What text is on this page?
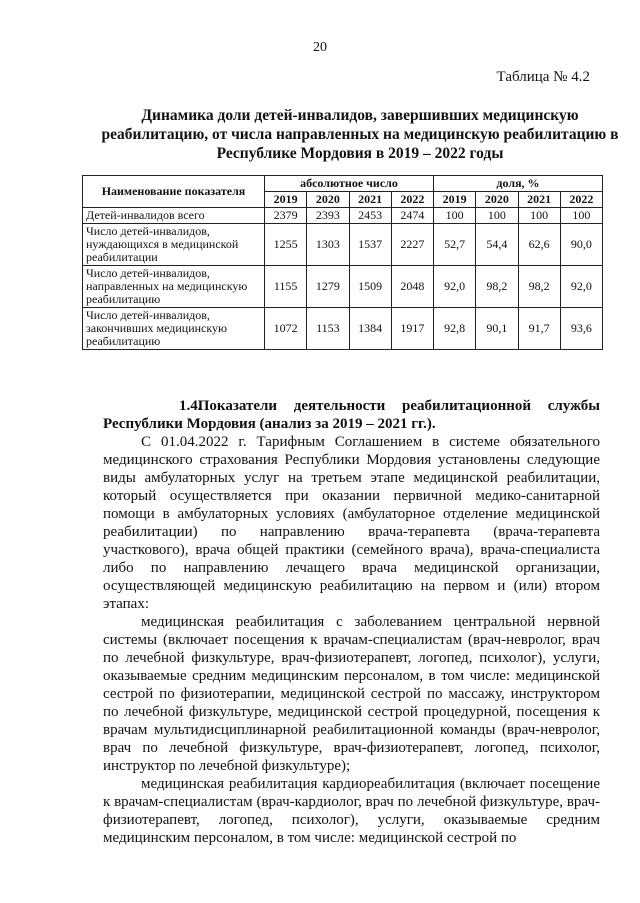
20
Таблица № 4.2
Динамика доли детей-инвалидов, завершивших медицинскую реабилитацию, от числа направленных на медицинскую реабилитацию в Республике Мордовия в 2019 – 2022 годы
Наименование показателя	абсолютное число				доля, %			
	2019	2020	2021	2022	2019	2020	2021	2022
Детей-инвалидов всего	2379	2393	2453	2474	100	100	100	100
Число детей-инвалидов, нуждающихся в медицинской реабилитации	1255	1303	1537	2227	52,7	54,4	62,6	90,0
Число детей-инвалидов, направленных на медицинскую реабилитацию	1155	1279	1509	2048	92,0	98,2	98,2	92,0
Число детей-инвалидов, закончивших медицинскую реабилитацию	1072	1153	1384	1917	92,8	90,1	91,7	93,6

1.4. Показатели деятельности реабилитационной службы Республики Мордовия (анализ за 2019 – 2021 гг.).

С 01.04.2022 г. Тарифным Соглашением в системе обязательного медицинского страхования Республики Мордовия установлены следующие виды амбулаторных услуг на третьем этапе медицинской реабилитации, который осуществляется при оказании первичной медико-санитарной помощи в амбулаторных условиях (амбулаторное отделение медицинской реабилитации) по направлению врача-терапевта (врача-терапевта участкового), врача общей практики (семейного врача), врача-специалиста либо по направлению лечащего врача медицинской организации, осуществляющей медицинскую реабилитацию на первом и (или) втором этапах:

медицинская реабилитация с заболеванием центральной нервной системы (включает посещения к врачам-специалистам (врач-невролог, врач по лечебной физкультуре, врач-физиотерапевт, логопед, психолог), услуги, оказываемые средним медицинским персоналом, в том числе: медицинской сестрой по физиотерапии, медицинской сестрой по массажу, инструктором по лечебной физкультуре, медицинской сестрой процедурной, посещения к врачам мультидисциплинарной реабилитационной команды (врач-невролог, врач по лечебной физкультуре, врач-физиотерапевт, логопед, психолог, инструктор по лечебной физкультуре);

медицинская реабилитация кардиореабилитация (включает посещение к врачам-специалистам (врач-кардиолог, врач по лечебной физкультуре, врач-физиотерапевт, логопед, психолог), услуги, оказываемые средним медицинским персоналом, в том числе: медицинской сестрой по
